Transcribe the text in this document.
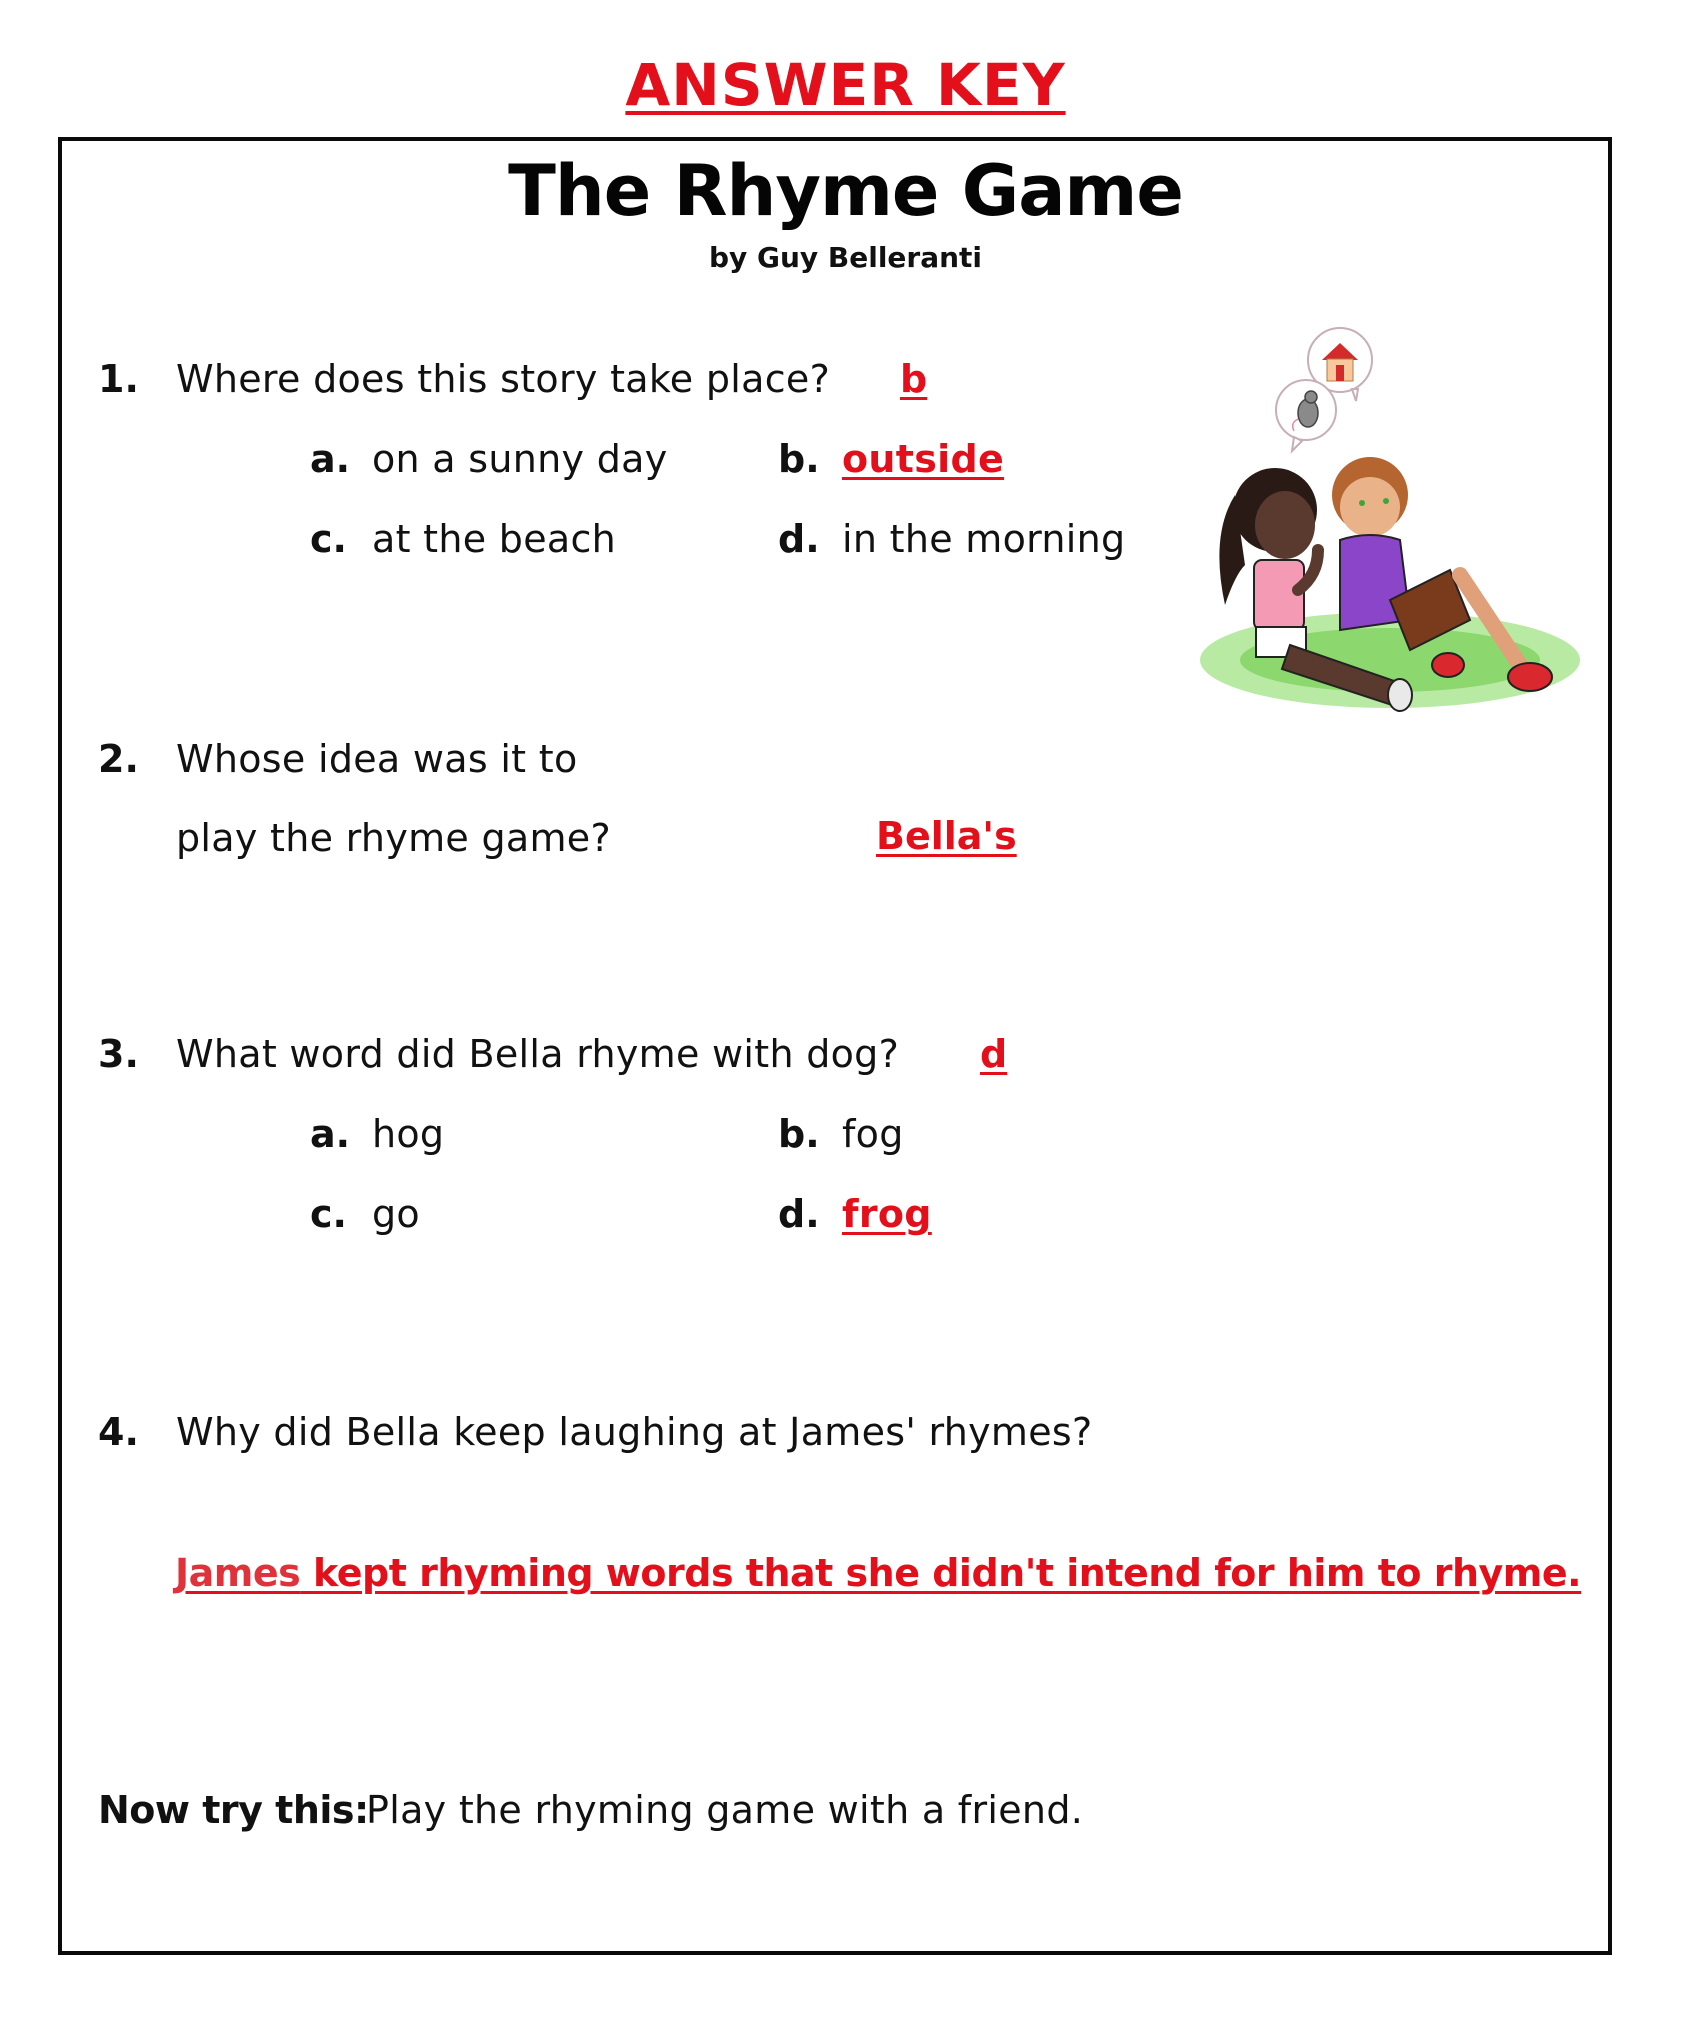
ANSWER KEY
The Rhyme Game
by Guy Belleranti
1. Where does this story take place? b
a. on a sunny day	b. outside
c. at the beach	d. in the morning
2. Whose idea was it to
play the rhyme game?	Bella's
3. What word did Bella rhyme with dog? d
a. hog	b. fog
c. go	d. frog
4. Why did Bella keep laughing at James' rhymes?
James kept rhyming words that she didn't intend for him to rhyme.
Now try this:
Play the rhyming game with a friend.
